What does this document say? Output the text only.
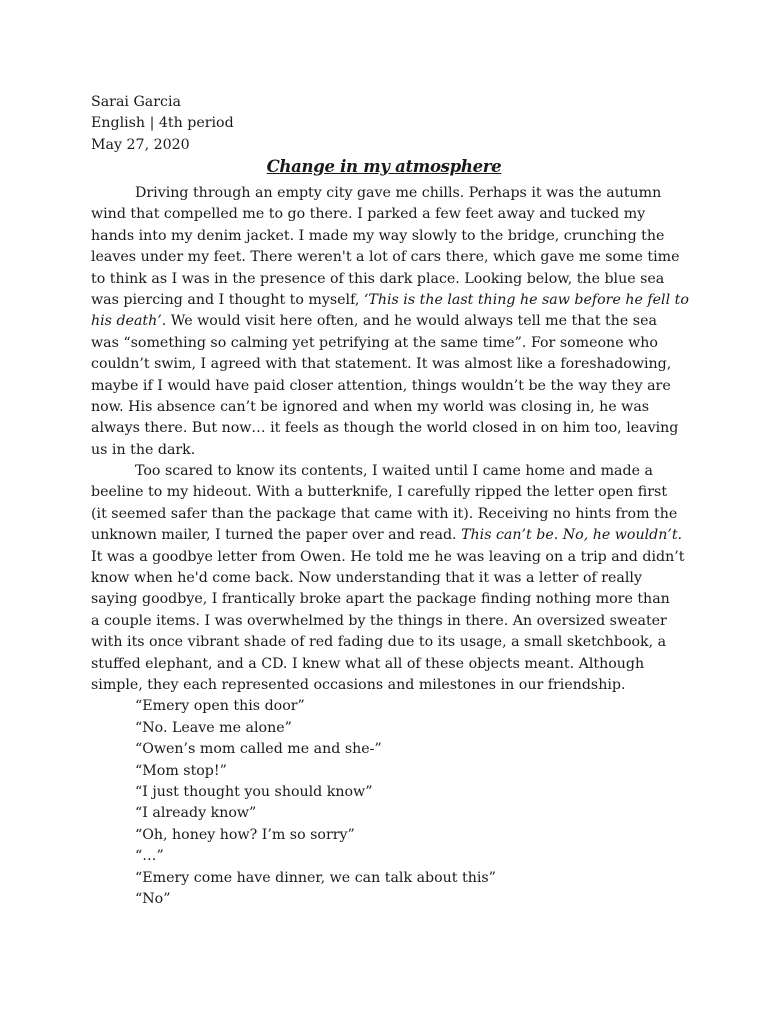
Sarai Garcia
English | 4th period
May 27, 2020
Change in my atmosphere
Driving through an empty city gave me chills. Perhaps it was the autumn
wind that compelled me to go there. I parked a few feet away and tucked my
hands into my denim jacket. I made my way slowly to the bridge, crunching the
leaves under my feet. There weren't a lot of cars there, which gave me some time
to think as I was in the presence of this dark place. Looking below, the blue sea
was piercing and I thought to myself, ‘This is the last thing he saw before he fell to
his death’. We would visit here often, and he would always tell me that the sea
was “something so calming yet petrifying at the same time”. For someone who
couldn’t swim, I agreed with that statement. It was almost like a foreshadowing,
maybe if I would have paid closer attention, things wouldn’t be the way they are
now. His absence can’t be ignored and when my world was closing in, he was
always there. But now… it feels as though the world closed in on him too, leaving
us in the dark.
Too scared to know its contents, I waited until I came home and made a
beeline to my hideout. With a butterknife, I carefully ripped the letter open first
(it seemed safer than the package that came with it). Receiving no hints from the
unknown mailer, I turned the paper over and read. This can’t be. No, he wouldn’t.
It was a goodbye letter from Owen. He told me he was leaving on a trip and didn’t
know when he'd come back. Now understanding that it was a letter of really
saying goodbye, I frantically broke apart the package finding nothing more than
a couple items. I was overwhelmed by the things in there. An oversized sweater
with its once vibrant shade of red fading due to its usage, a small sketchbook, a
stuffed elephant, and a CD. I knew what all of these objects meant. Although
simple, they each represented occasions and milestones in our friendship.
“Emery open this door”
“No. Leave me alone”
“Owen’s mom called me and she-”
“Mom stop!”
“I just thought you should know”
“I already know”
“Oh, honey how? I’m so sorry”
“…”
“Emery come have dinner, we can talk about this”
“No”
